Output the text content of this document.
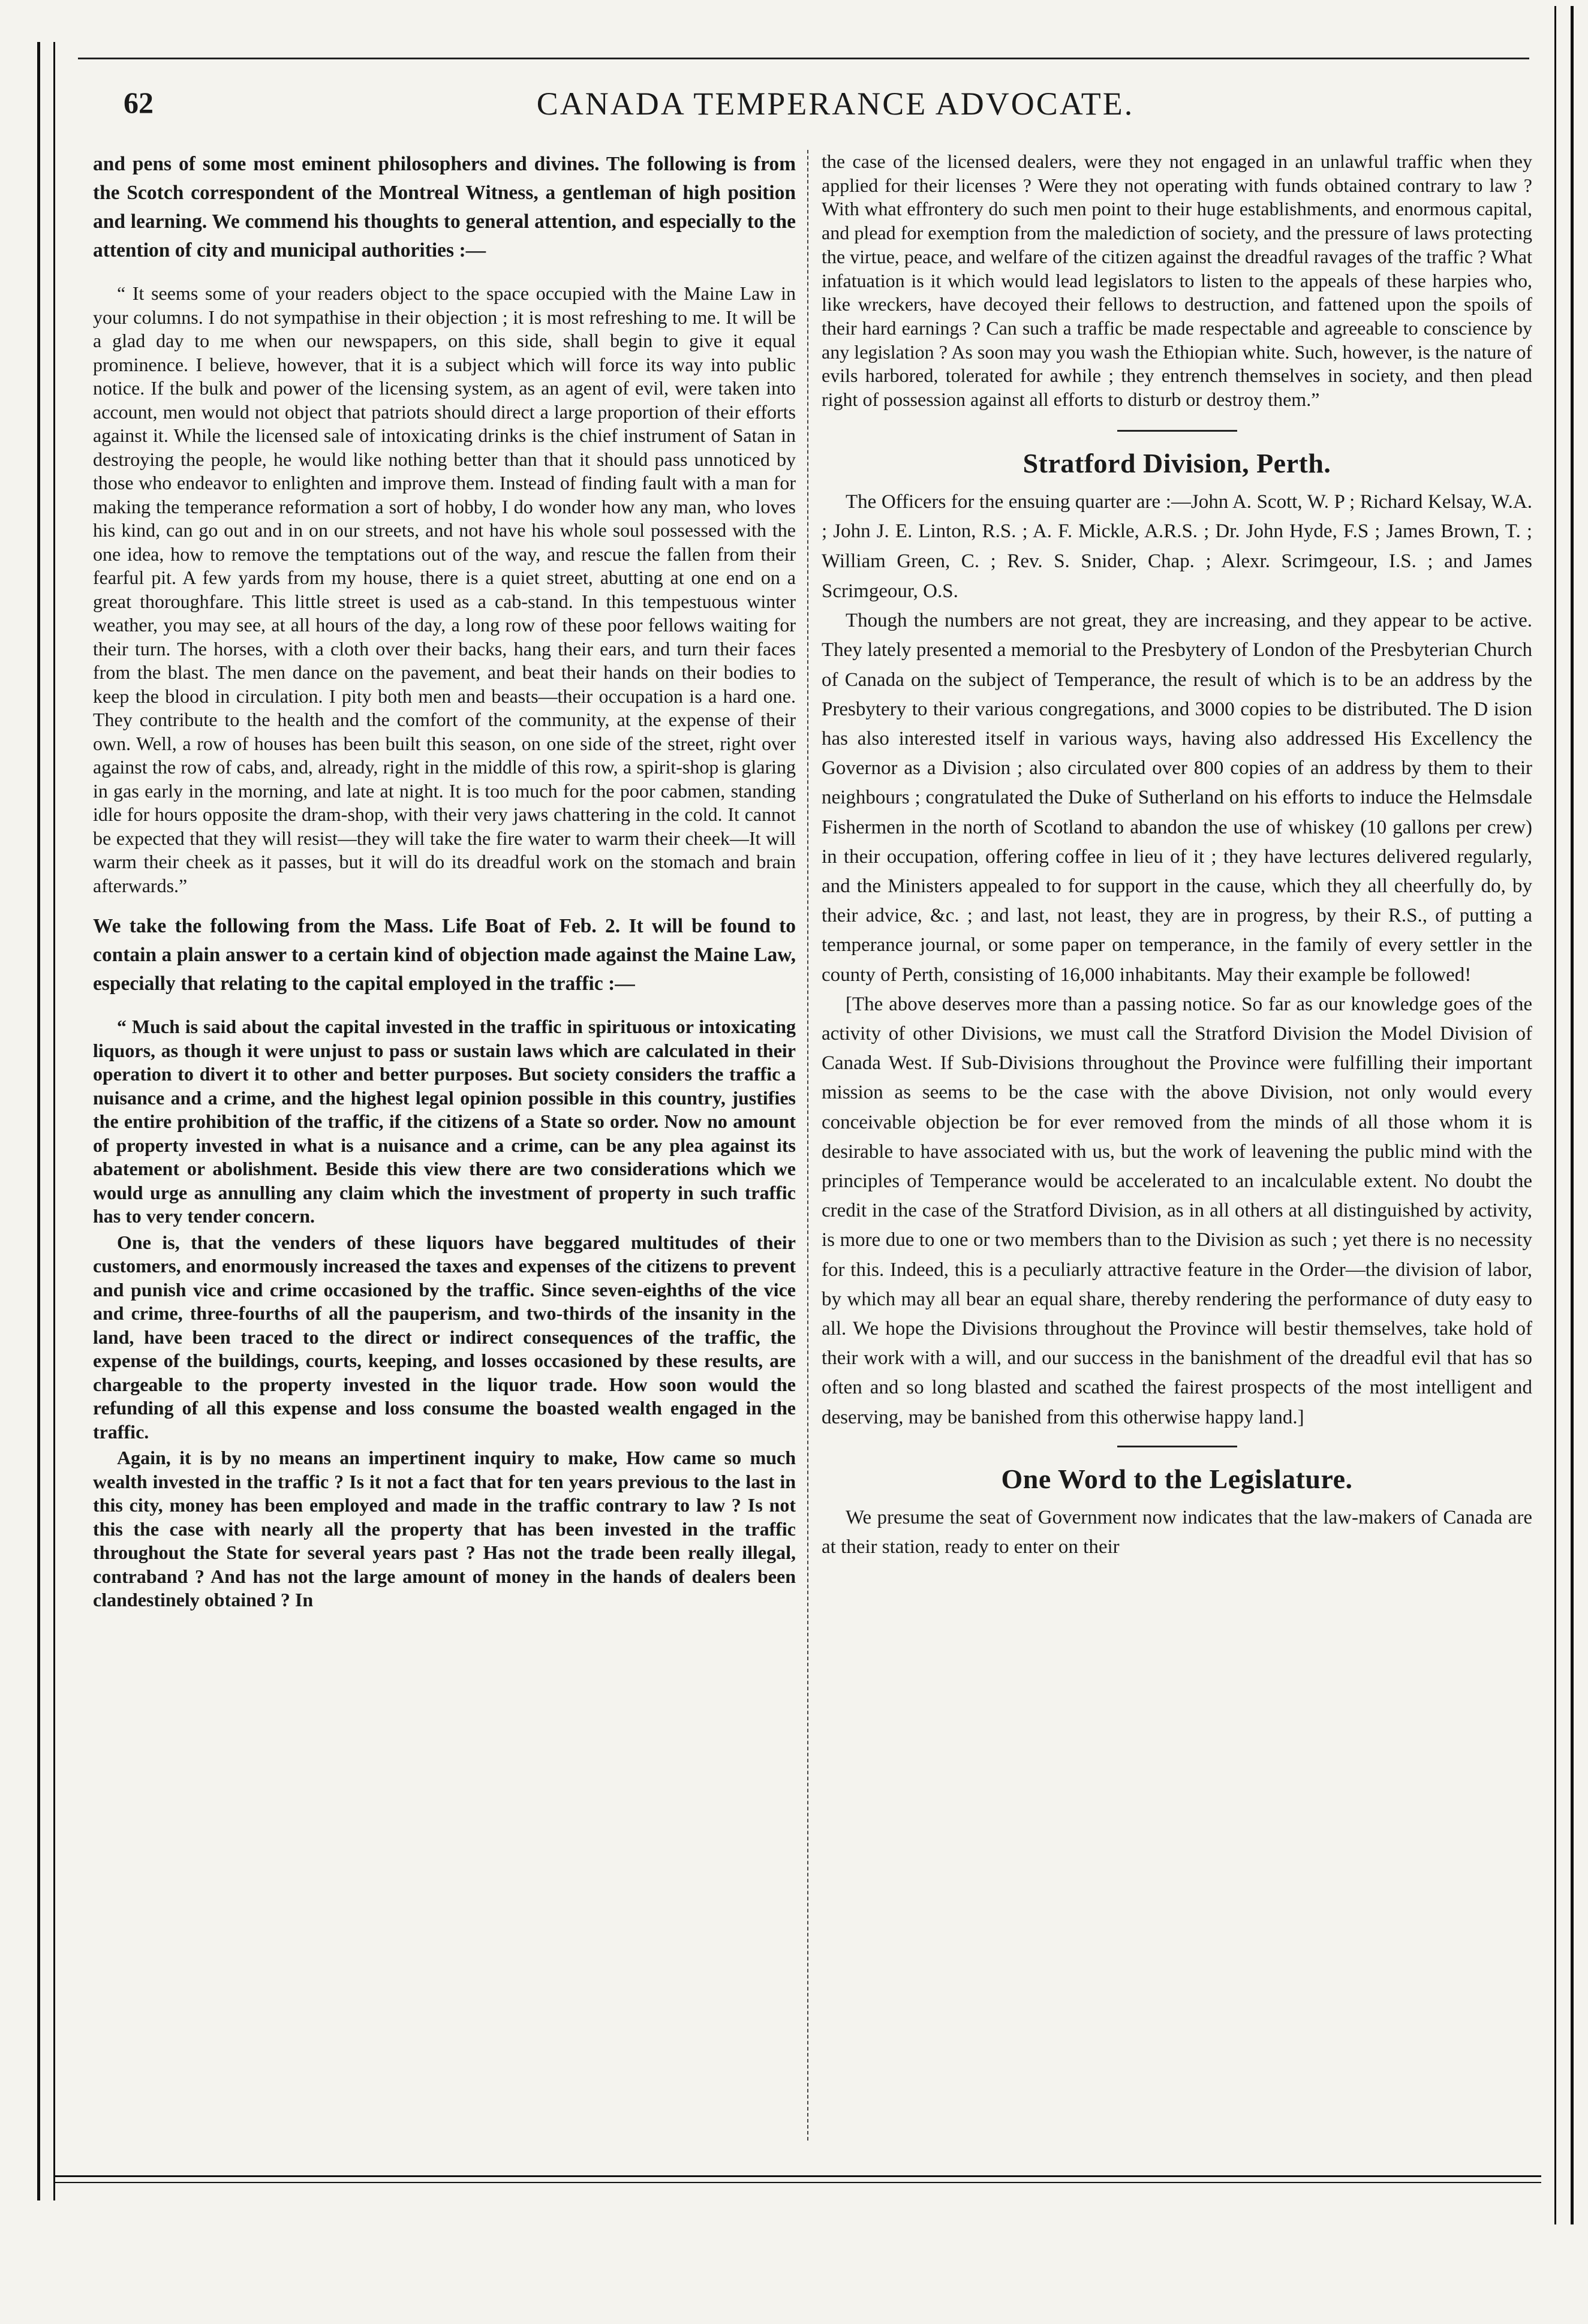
62	CANADA TEMPERANCE ADVOCATE.

and pens of some most eminent philosophers and divines. The following is from the Scotch correspondent of the Montreal Witness, a gentleman of high position and learning. We commend his thoughts to general attention, and especially to the attention of city and municipal authorities :—

“ It seems some of your readers object to the space occupied with the Maine Law in your columns. I do not sympathise in their objection ; it is most refreshing to me. It will be a glad day to me when our newspapers, on this side, shall begin to give it equal prominence. I believe, however, that it is a subject which will force its way into public notice. If the bulk and power of the licensing system, as an agent of evil, were taken into account, men would not object that patriots should direct a large proportion of their efforts against it. While the licensed sale of intoxicating drinks is the chief instrument of Satan in destroying the people, he would like nothing better than that it should pass unnoticed by those who endeavor to enlighten and improve them. Instead of finding fault with a man for making the temperance reformation a sort of hobby, I do wonder how any man, who loves his kind, can go out and in on our streets, and not have his whole soul possessed with the one idea, how to remove the temptations out of the way, and rescue the fallen from their fearful pit. A few yards from my house, there is a quiet street, abutting at one end on a great thoroughfare. This little street is used as a cab-stand. In this tempestuous winter weather, you may see, at all hours of the day, a long row of these poor fellows waiting for their turn. The horses, with a cloth over their backs, hang their ears, and turn their faces from the blast. The men dance on the pavement, and beat their hands on their bodies to keep the blood in circulation. I pity both men and beasts—their occupation is a hard one. They contribute to the health and the comfort of the community, at the expense of their own. Well, a row of houses has been built this season, on one side of the street, right over against the row of cabs, and, already, right in the middle of this row, a spirit-shop is glaring in gas early in the morning, and late at night. It is too much for the poor cabmen, standing idle for hours opposite the dram-shop, with their very jaws chattering in the cold. It cannot be expected that they will resist—they will take the fire water to warm their cheek—It will warm their cheek as it passes, but it will do its dreadful work on the stomach and brain afterwards.”

We take the following from the Mass. Life Boat of Feb. 2. It will be found to contain a plain answer to a certain kind of objection made against the Maine Law, especially that relating to the capital employed in the traffic :—

“ Much is said about the capital invested in the traffic in spirituous or intoxicating liquors, as though it were unjust to pass or sustain laws which are calculated in their operation to divert it to other and better purposes. But society considers the traffic a nuisance and a crime, and the highest legal opinion possible in this country, justifies the entire prohibition of the traffic, if the citizens of a State so order. Now no amount of property invested in what is a nuisance and a crime, can be any plea against its abatement or abolishment. Beside this view there are two considerations which we would urge as annulling any claim which the investment of property in such traffic has to very tender concern.

One is, that the venders of these liquors have beggared multitudes of their customers, and enormously increased the taxes and expenses of the citizens to prevent and punish vice and crime occasioned by the traffic. Since seven-eighths of the vice and crime, three-fourths of all the pauperism, and two-thirds of the insanity in the land, have been traced to the direct or indirect consequences of the traffic, the expense of the buildings, courts, keeping, and losses occasioned by these results, are chargeable to the property invested in the liquor trade. How soon would the refunding of all this expense and loss consume the boasted wealth engaged in the traffic.

Again, it is by no means an impertinent inquiry to make, How came so much wealth invested in the traffic ? Is it not a fact that for ten years previous to the last in this city, money has been employed and made in the traffic contrary to law ? Is not this the case with nearly all the property that has been invested in the traffic throughout the State for several years past ? Has not the trade been really illegal, contraband ? And has not the large amount of money in the hands of dealers been clandestinely obtained ? In

the case of the licensed dealers, were they not engaged in an unlawful traffic when they applied for their licenses ? Were they not operating with funds obtained contrary to law ? With what effrontery do such men point to their huge establishments, and enormous capital, and plead for exemption from the malediction of society, and the pressure of laws protecting the virtue, peace, and welfare of the citizen against the dreadful ravages of the traffic ? What infatuation is it which would lead legislators to listen to the appeals of these harpies who, like wreckers, have decoyed their fellows to destruction, and fattened upon the spoils of their hard earnings ? Can such a traffic be made respectable and agreeable to conscience by any legislation ? As soon may you wash the Ethiopian white. Such, however, is the nature of evils harbored, tolerated for awhile ; they entrench themselves in society, and then plead right of possession against all efforts to disturb or destroy them.”

Stratford Division, Perth.

The Officers for the ensuing quarter are :—John A. Scott, W. P ; Richard Kelsay, W.A. ; John J. E. Linton, R.S. ; A. F. Mickle, A.R.S. ; Dr. John Hyde, F.S ; James Brown, T. ; William Green, C. ; Rev. S. Snider, Chap. ; Alexr. Scrimgeour, I.S. ; and James Scrimgeour, O.S.

Though the numbers are not great, they are increasing, and they appear to be active. They lately presented a memorial to the Presbytery of London of the Presbyterian Church of Canada on the subject of Temperance, the result of which is to be an address by the Presbytery to their various congregations, and 3000 copies to be distributed. The D ision has also interested itself in various ways, having also addressed His Excellency the Governor as a Division ; also circulated over 800 copies of an address by them to their neighbours ; congratulated the Duke of Sutherland on his efforts to induce the Helmsdale Fishermen in the north of Scotland to abandon the use of whiskey (10 gallons per crew) in their occupation, offering coffee in lieu of it ; they have lectures delivered regularly, and the Ministers appealed to for support in the cause, which they all cheerfully do, by their advice, &c. ; and last, not least, they are in progress, by their R.S., of putting a temperance journal, or some paper on temperance, in the family of every settler in the county of Perth, consisting of 16,000 inhabitants. May their example be followed!

[The above deserves more than a passing notice. So far as our knowledge goes of the activity of other Divisions, we must call the Stratford Division the Model Division of Canada West. If Sub-Divisions throughout the Province were fulfilling their important mission as seems to be the case with the above Division, not only would every conceivable objection be for ever removed from the minds of all those whom it is desirable to have associated with us, but the work of leavening the public mind with the principles of Temperance would be accelerated to an incalculable extent. No doubt the credit in the case of the Stratford Division, as in all others at all distinguished by activity, is more due to one or two members than to the Division as such ; yet there is no necessity for this. Indeed, this is a peculiarly attractive feature in the Order—the division of labor, by which may all bear an equal share, thereby rendering the performance of duty easy to all. We hope the Divisions throughout the Province will bestir themselves, take hold of their work with a will, and our success in the banishment of the dreadful evil that has so often and so long blasted and scathed the fairest prospects of the most intelligent and deserving, may be banished from this otherwise happy land.]

One Word to the Legislature.

We presume the seat of Government now indicates that the law-makers of Canada are at their station, ready to enter on their
